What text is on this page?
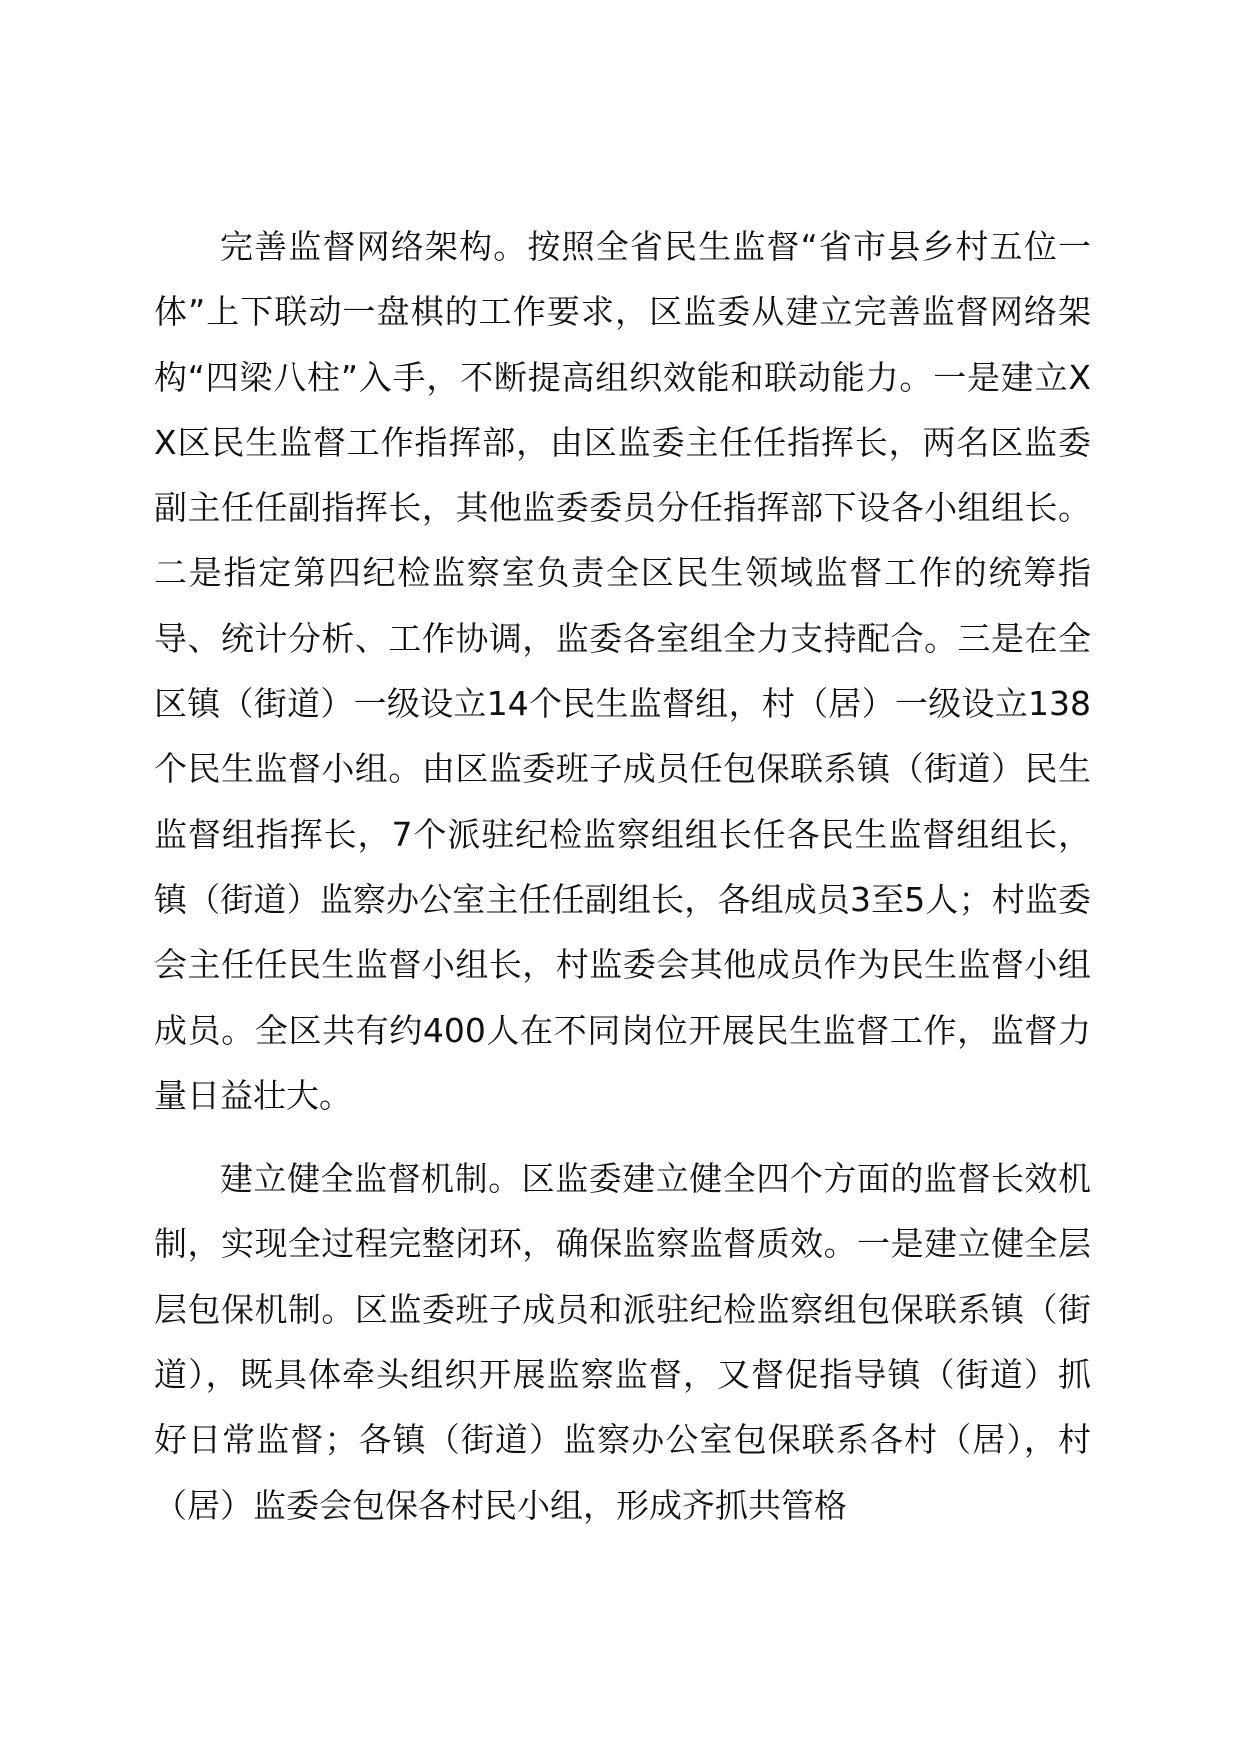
完善监督网络架构。按照全省民生监督“省市县乡村五位一体”上下联动一盘棋的工作要求，区监委从建立完善监督网络架构“四梁八柱”入手，不断提高组织效能和联动能力。一是建立XX区民生监督工作指挥部，由区监委主任任指挥长，两名区监委副主任任副指挥长，其他监委委员分任指挥部下设各小组组长。二是指定第四纪检监察室负责全区民生领域监督工作的统筹指导、统计分析、工作协调，监委各室组全力支持配合。三是在全区镇（街道）一级设立14个民生监督组，村（居）一级设立138个民生监督小组。由区监委班子成员任包保联系镇（街道）民生监督组指挥长，7个派驻纪检监察组组长任各民生监督组组长，镇（街道）监察办公室主任任副组长，各组成员3至5人；村监委会主任任民生监督小组长，村监委会其他成员作为民生监督小组成员。全区共有约400人在不同岗位开展民生监督工作，监督力量日益壮大。

建立健全监督机制。区监委建立健全四个方面的监督长效机制，实现全过程完整闭环，确保监察监督质效。一是建立健全层层包保机制。区监委班子成员和派驻纪检监察组包保联系镇（街道），既具体牵头组织开展监察监督，又督促指导镇（街道）抓好日常监督；各镇（街道）监察办公室包保联系各村（居），村（居）监委会包保各村民小组，形成齐抓共管格
